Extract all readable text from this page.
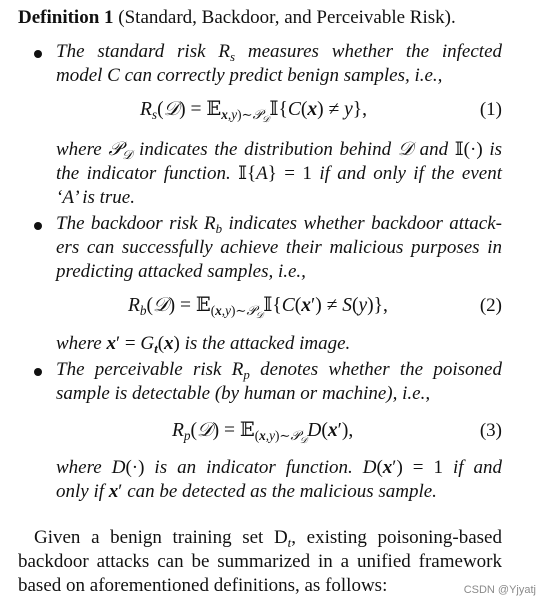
Definition 1 (Standard, Backdoor, and Perceivable Risk).
The standard risk $R_s$ measures whether the infected
model C can correctly predict benign samples, i.e.,
$R_s(𝒟)$ = 𝔼$_{x,y)\sim 𝒫_𝒟}$𝕀{C(x) ≠ y},	(1)
where 𝒫$_𝒟$ indicates the distribution behind 𝒟 and 𝕀(·) is
the indicator function. 𝕀{A} = 1 if and only if the event
‘A’ is true.
The backdoor risk $R_b$ indicates whether backdoor attack-
ers can successfully achieve their malicious purposes in
predicting attacked samples, i.e.,
$R_b(𝒟)$ = 𝔼$_{(x,y)\sim 𝒫_𝒟}$𝕀{C(x′) ≠ S(y)},	(2)
where $x' = G_t(x)$ is the attacked image.
The perceivable risk $R_p$ denotes whether the poisoned
sample is detectable (by human or machine), i.e.,
$R_p(𝒟)$ = 𝔼$_{(x,y)\sim 𝒫_𝒟}$D(x′),	(3)
where D(·) is an indicator function. D(x′) = 1 if and
only if x′ can be detected as the malicious sample.
Given a benign training set $D_t$, existing poisoning-based
backdoor attacks can be summarized in a unified framework
based on aforementioned definitions, as follows:	CSDN @Yjyatj
